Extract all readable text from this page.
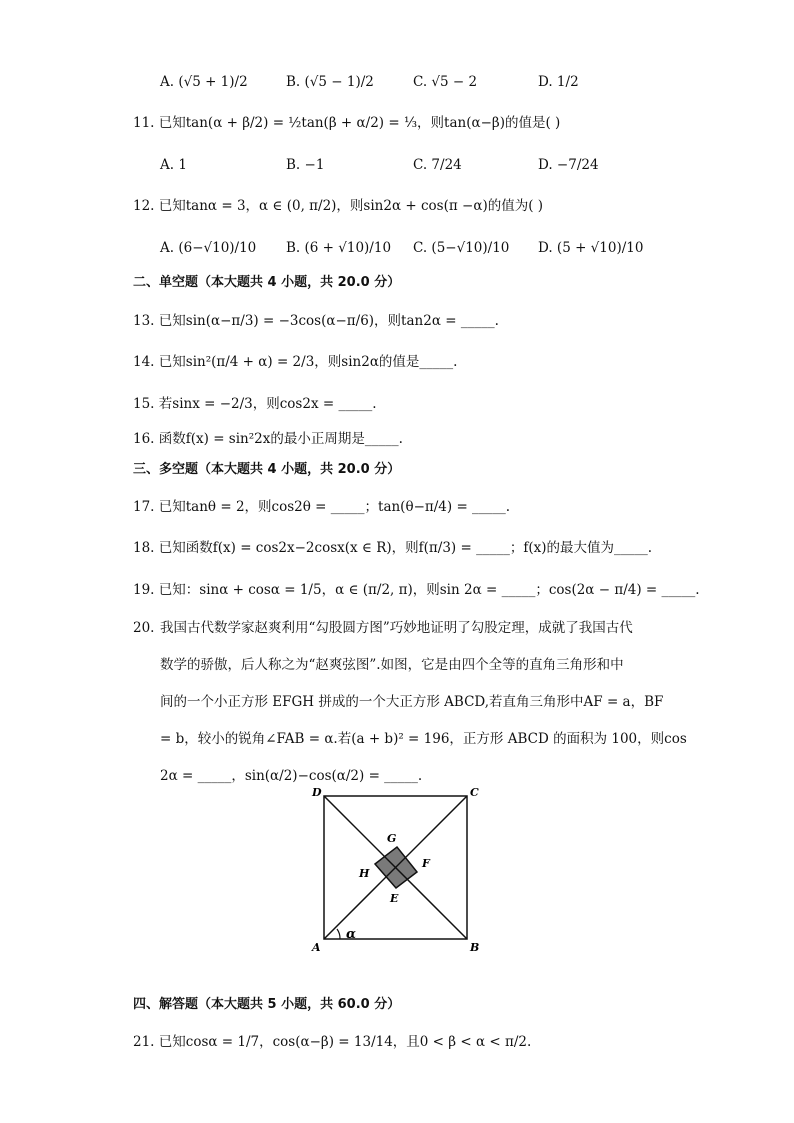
A. (√5 + 1)/2	B. (√5 − 1)/2	C. √5 − 2	D. 1/2
11. 已知tan(α + β/2) = ½tan(β + α/2) = ⅓，则tan(α−β)的值是( )
A. 1	B. −1	C. 7/24	D. −7/24
12. 已知tanα = 3，α ∈ (0, π/2)，则sin2α + cos(π −α)的值为( )
A. (6−√10)/10 B. (6 + √10)/10 C. (5−√10)/10 D. (5 + √10)/10
二、单空题（本大题共 4 小题，共 20.0 分）
13. 已知sin(α−π/3) = −3cos(α−π/6)，则tan2α = _____.
14. 已知sin²(π/4 + α) = 2/3，则sin2α的值是_____.
15. 若sinx = −2/3，则cos2x = _____.
16. 函数f(x) = sin²2x的最小正周期是_____.
三、多空题（本大题共 4 小题，共 20.0 分）
17. 已知tanθ = 2，则cos2θ = _____；tan(θ−π/4) = _____.
18. 已知函数f(x) = cos2x−2cosx(x ∈ R)，则f(π/3) = _____；f(x)的最大值为_____.
19. 已知：sinα + cosα = 1/5，α ∈ (π/2, π)，则sin 2α = _____；cos(2α − π/4) = _____.
20. 我国古代数学家赵爽利用“勾股圆方图”巧妙地证明了勾股定理，成就了我国古代
数学的骄傲，后人称之为“赵爽弦图”.如图，它是由四个全等的直角三角形和中
间的一个小正方形 EFGH 拼成的一个大正方形 ABCD,若直角三角形中AF = a，BF
= b，较小的锐角∠FAB = α.若(a + b)² = 196，正方形 ABCD 的面积为 100，则cos
2α = _____，sin(α/2)−cos(α/2) = _____.
D	C
A	B
G
F
H
E
α
四、解答题（本大题共 5 小题，共 60.0 分）
21. 已知cosα = 1/7，cos(α−β) = 13/14，且0 < β < α < π/2.
